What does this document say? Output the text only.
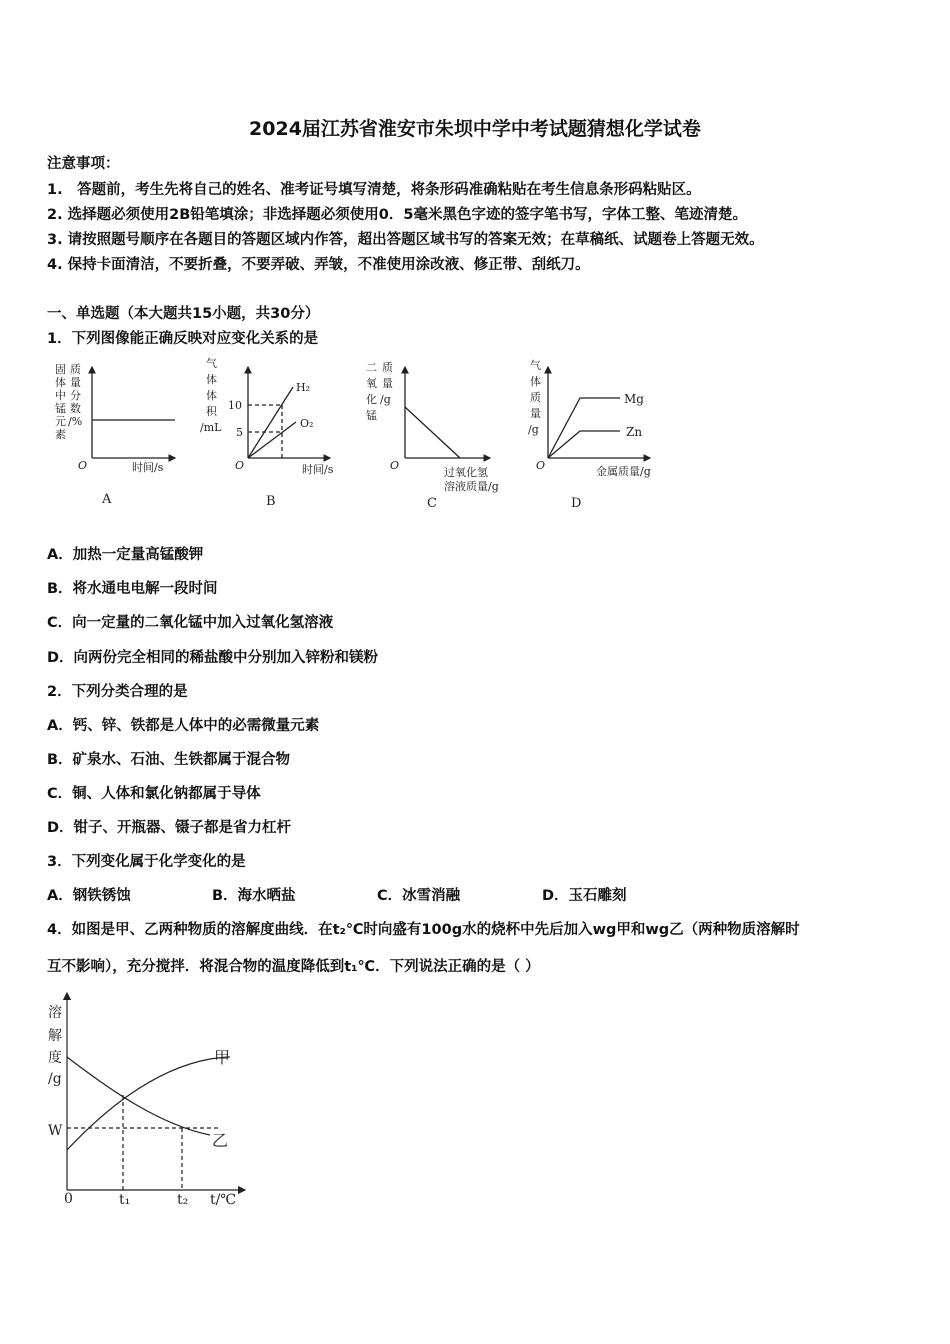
2024届江苏省淮安市朱坝中学中考试题猜想化学试卷
注意事项：
1.　答题前，考生先将自己的姓名、准考证号填写清楚，将条形码准确粘贴在考生信息条形码粘贴区。
2. 选择题必须使用2B铅笔填涂；非选择题必须使用0．5毫米黑色字迹的签字笔书写，字体工整、笔迹清楚。
3. 请按照题号顺序在各题目的答题区域内作答，超出答题区域书写的答案无效；在草稿纸、试题卷上答题无效。
4. 保持卡面清洁，不要折叠，不要弄破、弄皱，不准使用涂改液、修正带、刮纸刀。
一、单选题（本大题共15小题，共30分）
1．下列图像能正确反映对应变化关系的是
固
体
中
锰
元
素
质
量
分
数
/%
O	时间/s
A
气
体
体
积
/mL
10
5
H₂
O₂
O	时间/s
B
二
氧
化
锰
质
量
/g
O
过氧化氢
溶液质量/g
C
气
体
质
量
/g
Mg
Zn
O	金属质量/g
D
A．加热一定量高锰酸钾
B．将水通电电解一段时间
C．向一定量的二氧化锰中加入过氧化氢溶液
D．向两份完全相同的稀盐酸中分别加入锌粉和镁粉
2．下列分类合理的是
A．钙、锌、铁都是人体中的必需微量元素
B．矿泉水、石油、生铁都属于混合物
C．铜、人体和氯化钠都属于导体
D．钳子、开瓶器、镊子都是省力杠杆
3．下列变化属于化学变化的是
A．钢铁锈蚀	B．海水晒盐	C．冰雪消融	D．玉石雕刻
4．如图是甲、乙两种物质的溶解度曲线．在t₂℃时向盛有100g水的烧杯中先后加入wg甲和wg乙（两种物质溶解时
互不影响），充分搅拌．将混合物的温度降低到t₁℃．下列说法正确的是（ ）
溶
解
度
/g
W
0	t₁	t₂ t/℃
甲
乙
